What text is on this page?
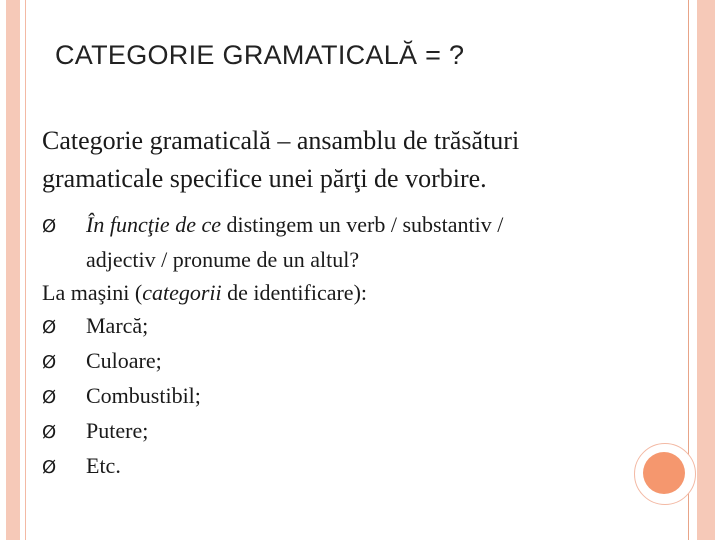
CATEGORIE GRAMATICALĂ = ?
Categorie gramaticală – ansamblu de trăsături
gramaticale specifice unei părţi de vorbire.
Ø În funcţie de ce distingem un verb / substantiv /
adjectiv / pronume de un altul?
La maşini (categorii de identificare):
Ø Marcă;
Ø Culoare;
Ø Combustibil;
Ø Putere;
Ø Etc.
